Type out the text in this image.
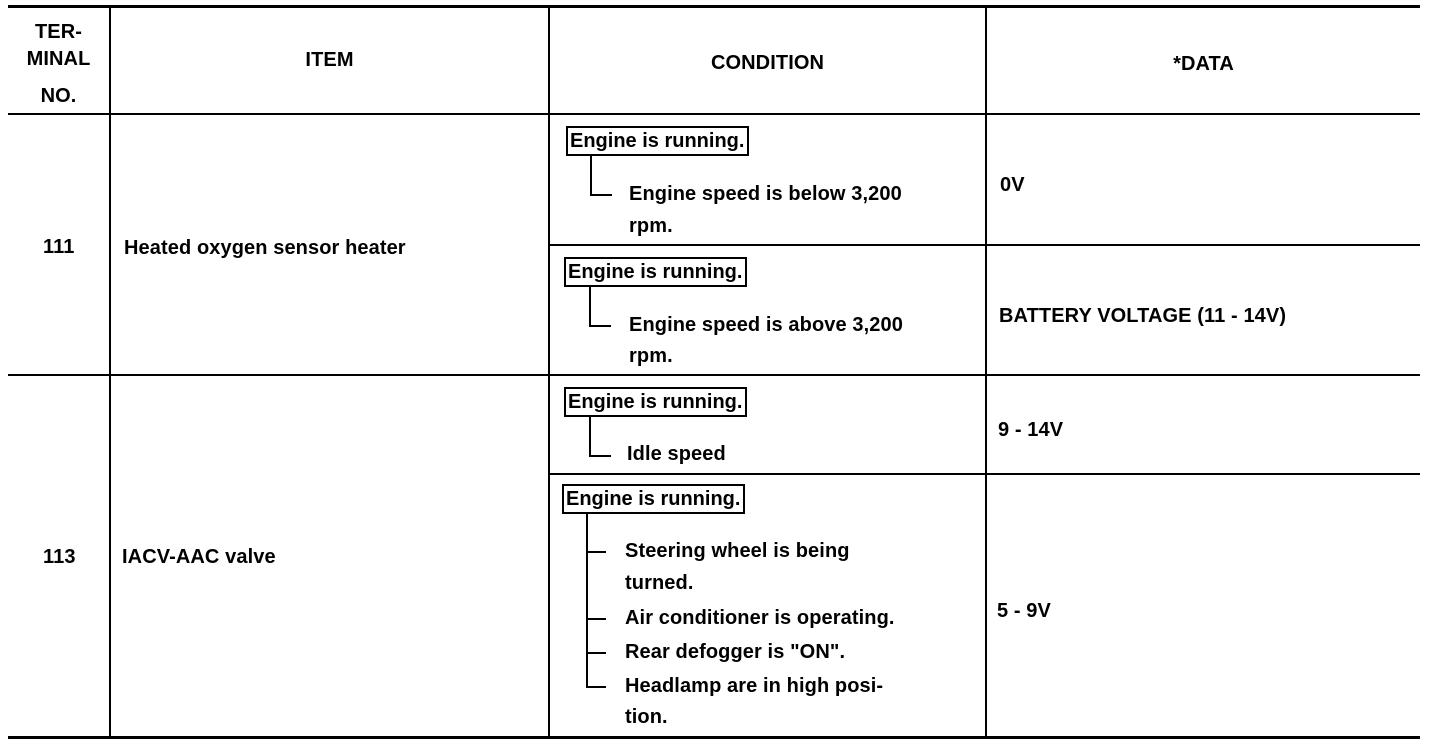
TER-
MINAL
NO.
ITEM	CONDITION	*DATA
111 Heated oxygen sensor heater
Engine is running.
Engine speed is below 3,200
rpm.
0V
Engine is running.
Engine speed is above 3,200
rpm.
BATTERY VOLTAGE (11 - 14V)
113 IACV-AAC valve
Engine is running.
Idle speed
9 - 14V
Engine is running.
Steering wheel is being
turned.
Air conditioner is operating.
Rear defogger is "ON".
Headlamp are in high posi-
tion.
5 - 9V
